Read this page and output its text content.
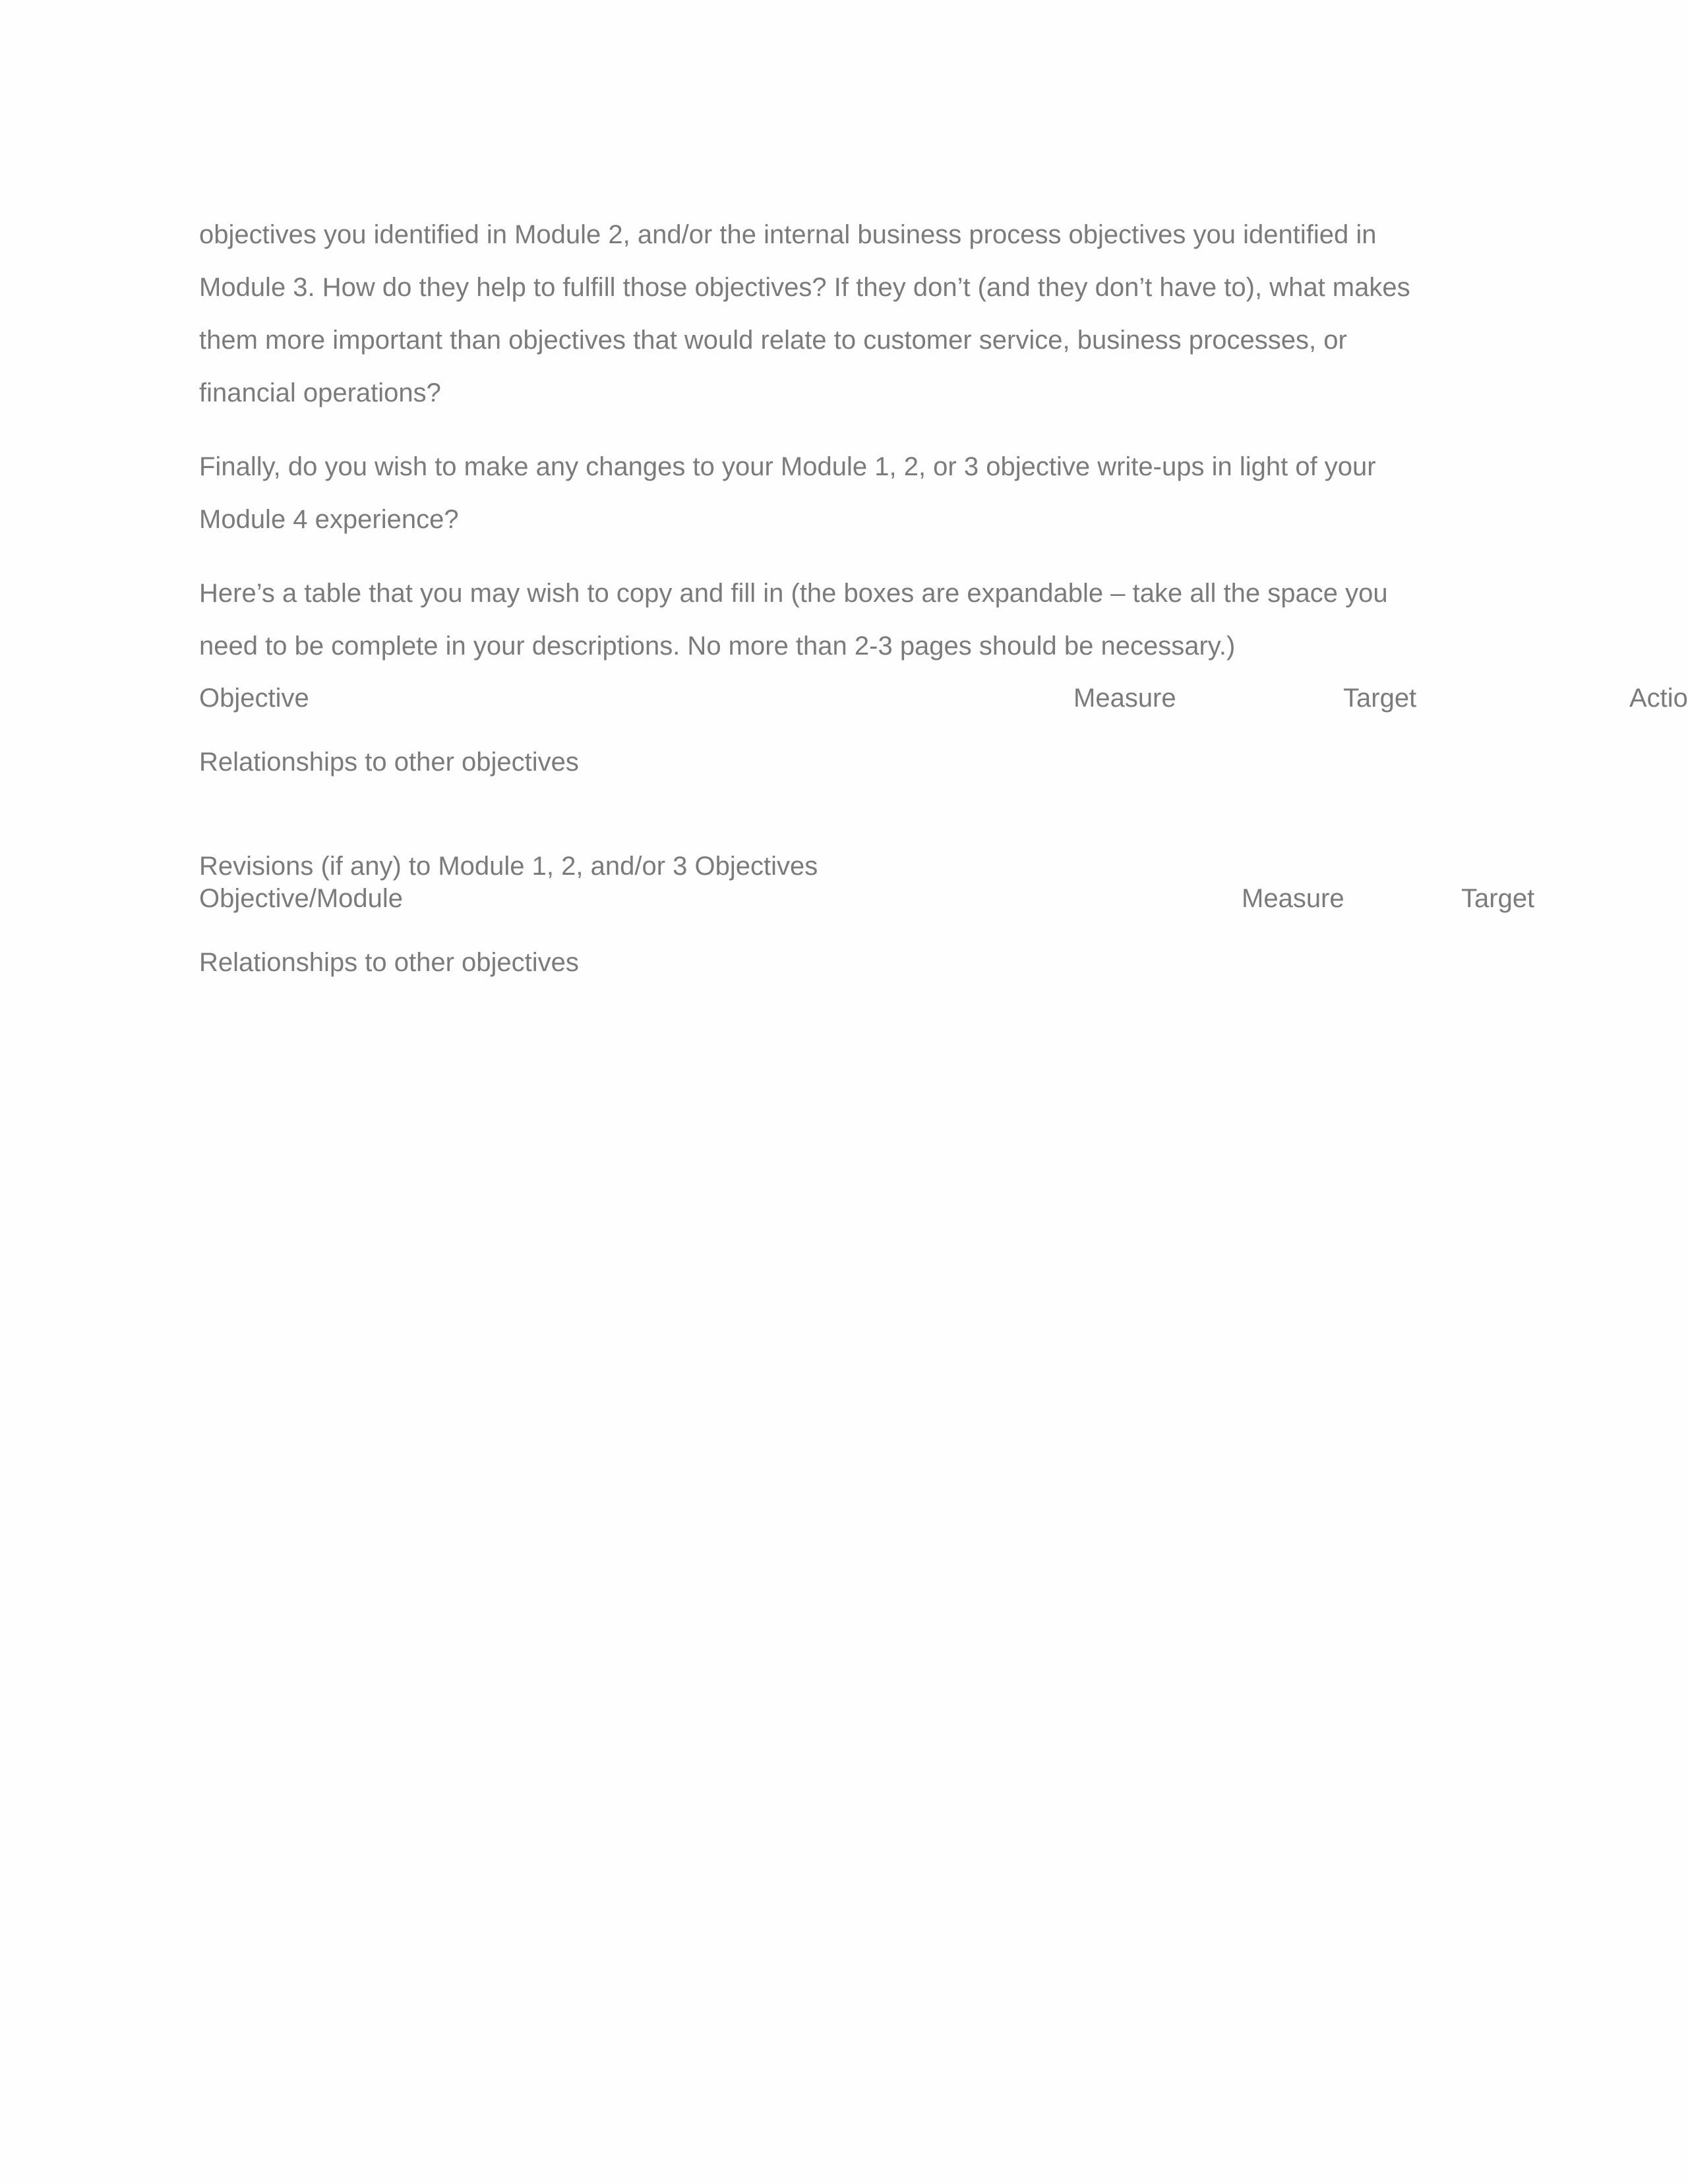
objectives you identified in Module 2, and/or the internal business process objectives you identified in

Module 3. How do they help to fulfill those objectives? If they don’t (and they don’t have to), what makes

them more important than objectives that would relate to customer service, business processes, or

financial operations?

Finally, do you wish to make any changes to your Module 1, 2, or 3 objective write-ups in light of your

Module 4 experience?

Here’s a table that you may wish to copy and fill in (the boxes are expandable – take all the space you

need to be complete in your descriptions. No more than 2-3 pages should be necessary.)

Objective	Measure	Target	Actio
Relationships to other objectives

Revisions (if any) to Module 1, 2, and/or 3 Objectives

Objective/Module	Measure	Target
Relationships to other objectives
